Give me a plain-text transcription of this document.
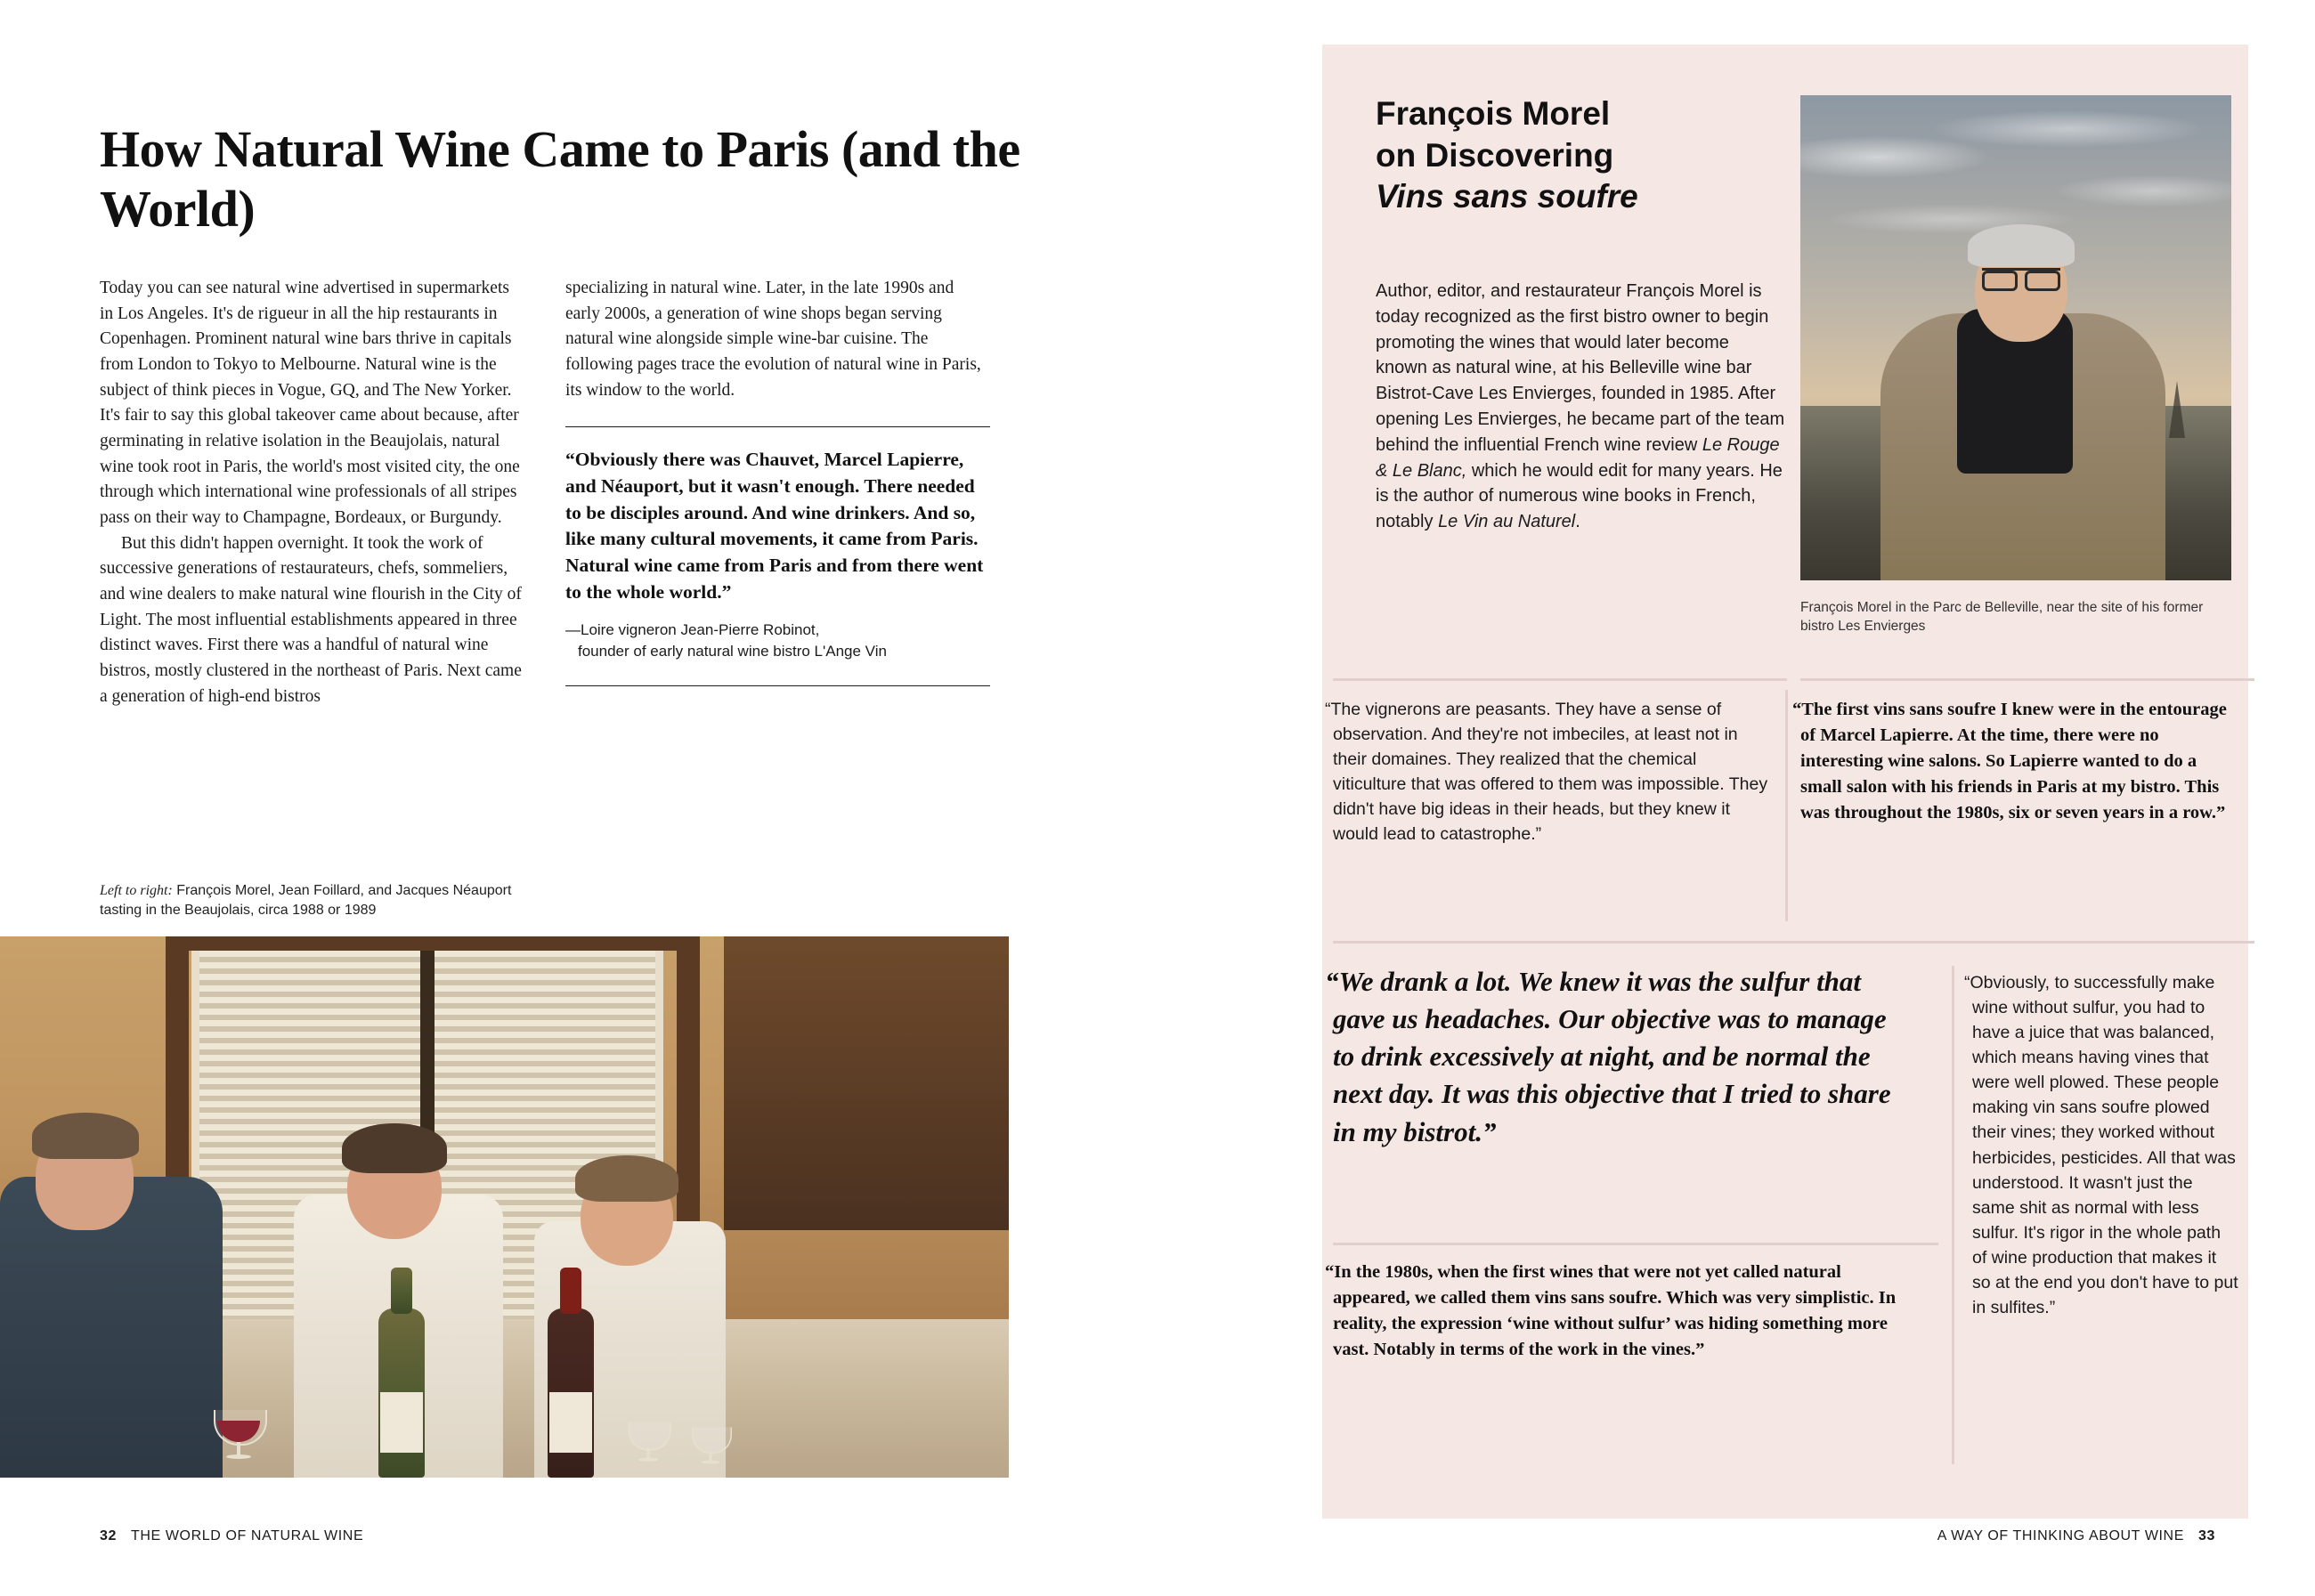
How Natural Wine Came to Paris (and the World)

Today you can see natural wine advertised in supermarkets in Los Angeles. It's de rigueur in all the hip restaurants in Copenhagen. Prominent natural wine bars thrive in capitals from London to Tokyo to Melbourne. Natural wine is the subject of think pieces in Vogue, GQ, and The New Yorker. It's fair to say this global takeover came about because, after germinating in relative isolation in the Beaujolais, natural wine took root in Paris, the world's most visited city, the one through which international wine professionals of all stripes pass on their way to Champagne, Bordeaux, or Burgundy.

But this didn't happen overnight. It took the work of successive generations of restaurateurs, chefs, sommeliers, and wine dealers to make natural wine flourish in the City of Light. The most influential establishments appeared in three distinct waves. First there was a handful of natural wine bistros, mostly clustered in the northeast of Paris. Next came a generation of high-end bistros

specializing in natural wine. Later, in the late 1990s and early 2000s, a generation of wine shops began serving natural wine alongside simple wine-bar cuisine. The following pages trace the evolution of natural wine in Paris, its window to the world.

“Obviously there was Chauvet, Marcel Lapierre, and Néauport, but it wasn't enough. There needed to be disciples around. And wine drinkers. And so, like many cultural movements, it came from Paris. Natural wine came from Paris and from there went to the whole world.”
—Loire vigneron Jean-Pierre Robinot,
founder of early natural wine bistro L'Ange Vin
Left to right: François Morel, Jean Foillard, and Jacques Néauport tasting in the Beaujolais, circa 1988 or 1989
32 THE WORLD OF NATURAL WINE
François Morel
on Discovering
Vins sans soufre
François Morel in the Parc de Belleville, near the site of his former bistro Les Envierges
Author, editor, and restaurateur François Morel is today recognized as the first bistro owner to begin promoting the wines that would later become known as natural wine, at his Belleville wine bar Bistrot-Cave Les Envierges, founded in 1985. After opening Les Envierges, he became part of the team behind the influential French wine review Le Rouge & Le Blanc, which he would edit for many years. He is the author of numerous wine books in French, notably Le Vin au Naturel.
“The vignerons are peasants. They have a sense of observation. And they're not imbeciles, at least not in their domaines. They realized that the chemical viticulture that was offered to them was impossible. They didn't have big ideas in their heads, but they knew it would lead to catastrophe.”
“The first vins sans soufre I knew were in the entourage of Marcel Lapierre. At the time, there were no interesting wine salons. So Lapierre wanted to do a small salon with his friends in Paris at my bistro. This was throughout the 1980s, six or seven years in a row.”
“We drank a lot. We knew it was the sulfur that gave us headaches. Our objective was to manage to drink excessively at night, and be normal the next day. It was this objective that I tried to share in my bistrot.”
“In the 1980s, when the first wines that were not yet called natural appeared, we called them vins sans soufre. Which was very simplistic. In reality, the expression ‘wine without sulfur’ was hiding something more vast. Notably in terms of the work in the vines.”
“Obviously, to successfully make wine without sulfur, you had to have a juice that was balanced, which means having vines that were well plowed. These people making vin sans soufre plowed their vines; they worked without herbicides, pesticides. All that was understood. It wasn't just the same shit as normal with less sulfur. It's rigor in the whole path of wine production that makes it so at the end you don't have to put in sulfites.”
A WAY OF THINKING ABOUT WINE 33
